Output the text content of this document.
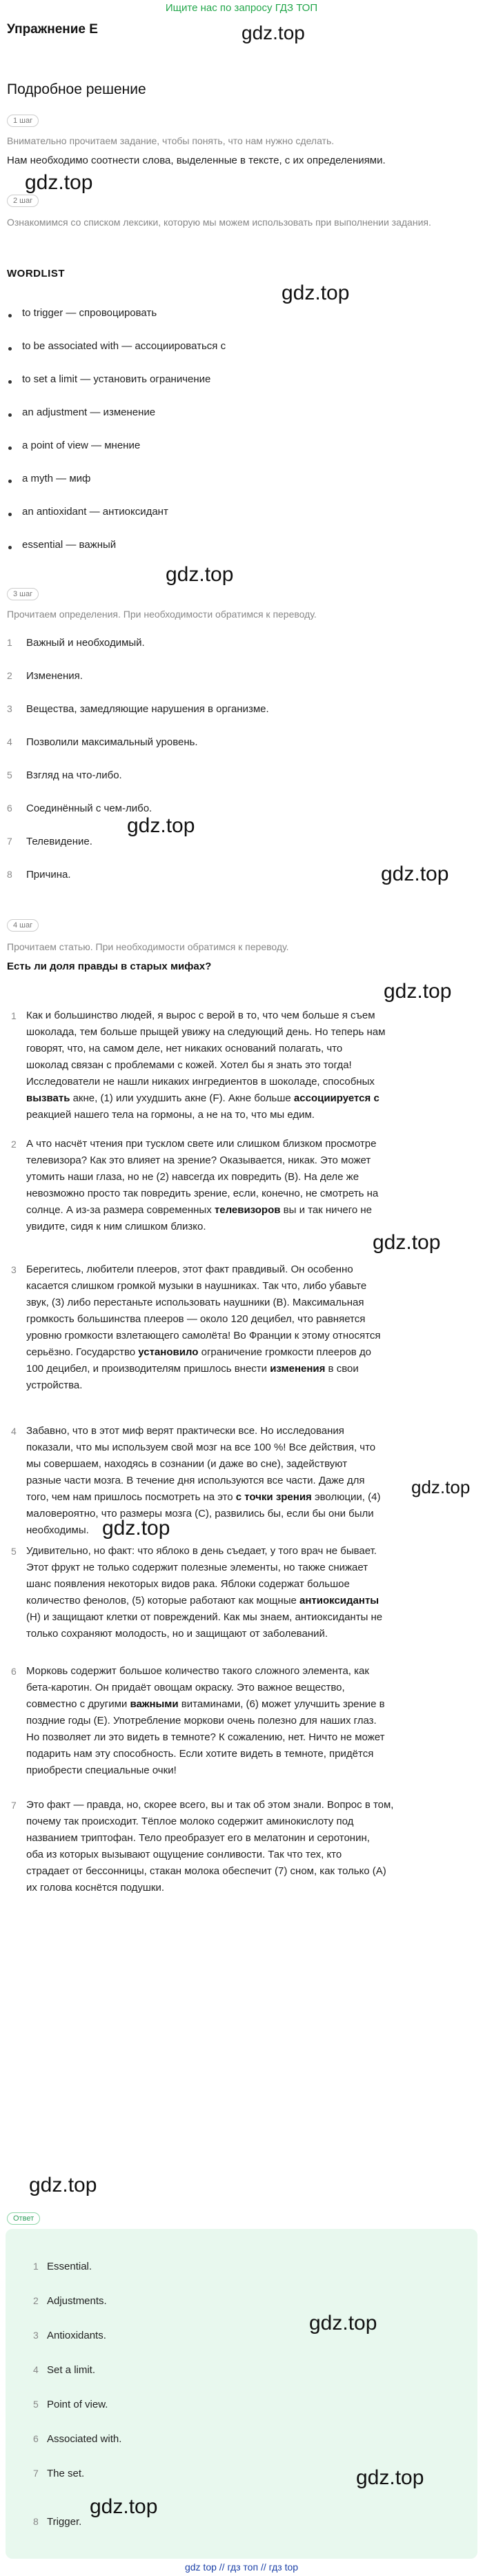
Ищите нас по запросу ГДЗ ТОП
Упражнение E	gdz.top
Подробное решение
1 шаг
Внимательно прочитаем задание, чтобы понять, что нам нужно сделать.
Нам необходимо соотнести слова, выделенные в тексте, с их определениями.
gdz.top
2 шаг
Ознакомимся со списком лексики, которую мы можем использовать при выполнении задания.
WORDLIST
gdz.top
to trigger — спровоцировать
to be associated with — ассоциироваться с
to set a limit — установить ограничение
an adjustment — изменение
a point of view — мнение
a myth — миф
an antioxidant — антиоксидант
essential — важный
gdz.top
3 шаг
Прочитаем определения. При необходимости обратимся к переводу.
1 Важный и необходимый.
2 Изменения.
3 Вещества, замедляющие нарушения в организме.
4 Позволили максимальный уровень.
5 Взгляд на что-либо.
6 Соединённый с чем-либо.
gdz.top
7 Телевидение.
8 Причина.	gdz.top
4 шаг
Прочитаем статью. При необходимости обратимся к переводу.
Есть ли доля правды в старых мифах?
gdz.top
1 Как и большинство людей, я вырос с верой в то, что чем больше я съем
шоколада, тем больше прыщей увижу на следующий день. Но теперь нам
говорят, что, на самом деле, нет никаких оснований полагать, что
шоколад связан с проблемами с кожей. Хотел бы я знать это тогда!
Исследователи не нашли никаких ингредиентов в шоколаде, способных
вызвать акне, (1) или ухудшить акне (F). Акне больше ассоциируется с
реакцией нашего тела на гормоны, а не на то, что мы едим.
2 А что насчёт чтения при тусклом свете или слишком близком просмотре
телевизора? Как это влияет на зрение? Оказывается, никак. Это может
утомить наши глаза, но не (2) навсегда их повредить (B). На деле же
невозможно просто так повредить зрение, если, конечно, не смотреть на
солнце. А из-за размера современных телевизоров вы и так ничего не
увидите, сидя к ним слишком близко.
gdz.top
3 Берегитесь, любители плееров, этот факт правдивый. Он особенно
касается слишком громкой музыки в наушниках. Так что, либо убавьте
звук, (3) либо перестаньте использовать наушники (B). Максимальная
громкость большинства плееров — около 120 децибел, что равняется
уровню громкости взлетающего самолёта! Во Франции к этому относятся
серьёзно. Государство установило ограничение громкости плееров до
100 децибел, и производителям пришлось внести изменения в свои
устройства.
4 Забавно, что в этот миф верят практически все. Но исследования
показали, что мы используем свой мозг на все 100 %! Все действия, что
мы совершаем, находясь в сознании (и даже во сне), задействуют
разные части мозга. В течение дня используются все части. Даже для
того, чем нам пришлось посмотреть на это с точки зрения эволюции, (4)
маловероятно, что размеры мозга (С), развились бы, если бы они были
необходимы.
gdz.top
gdz.top
5 Удивительно, но факт: что яблоко в день съедает, у того врач не бывает.
Этот фрукт не только содержит полезные элементы, но также снижает
шанс появления некоторых видов рака. Яблоки содержат большое
количество фенолов, (5) которые работают как мощные антиоксиданты
(H) и защищают клетки от повреждений. Как мы знаем, антиоксиданты не
только сохраняют молодость, но и защищают от заболеваний.
6 Морковь содержит большое количество такого сложного элемента, как
бета-каротин. Он придаёт овощам окраску. Это важное вещество,
совместно с другими важными витаминами, (6) может улучшить зрение в
поздние годы (E). Употребление моркови очень полезно для наших глаз.
Но позволяет ли это видеть в темноте? К сожалению, нет. Ничто не может
подарить нам эту способность. Если хотите видеть в темноте, придётся
приобрести специальные очки!
7 Это факт — правда, но, скорее всего, вы и так об этом знали. Вопрос в том,
почему так происходит. Тёплое молоко содержит аминокислоту под
названием триптофан. Тело преобразует его в мелатонин и серотонин,
оба из которых вызывают ощущение сонливости. Так что тех, кто
страдает от бессонницы, стакан молока обеспечит (7) сном, как только (A)
их голова коснётся подушки.
gdz.top
Ответ
1 Essential.
2 Adjustments.
gdz.top
3 Antioxidants.
4 Set a limit.
5 Point of view.
6 Associated with.
gdz.top
7 The set.
gdz.top
8 Trigger.
gdz top // гдз топ // гдз top
